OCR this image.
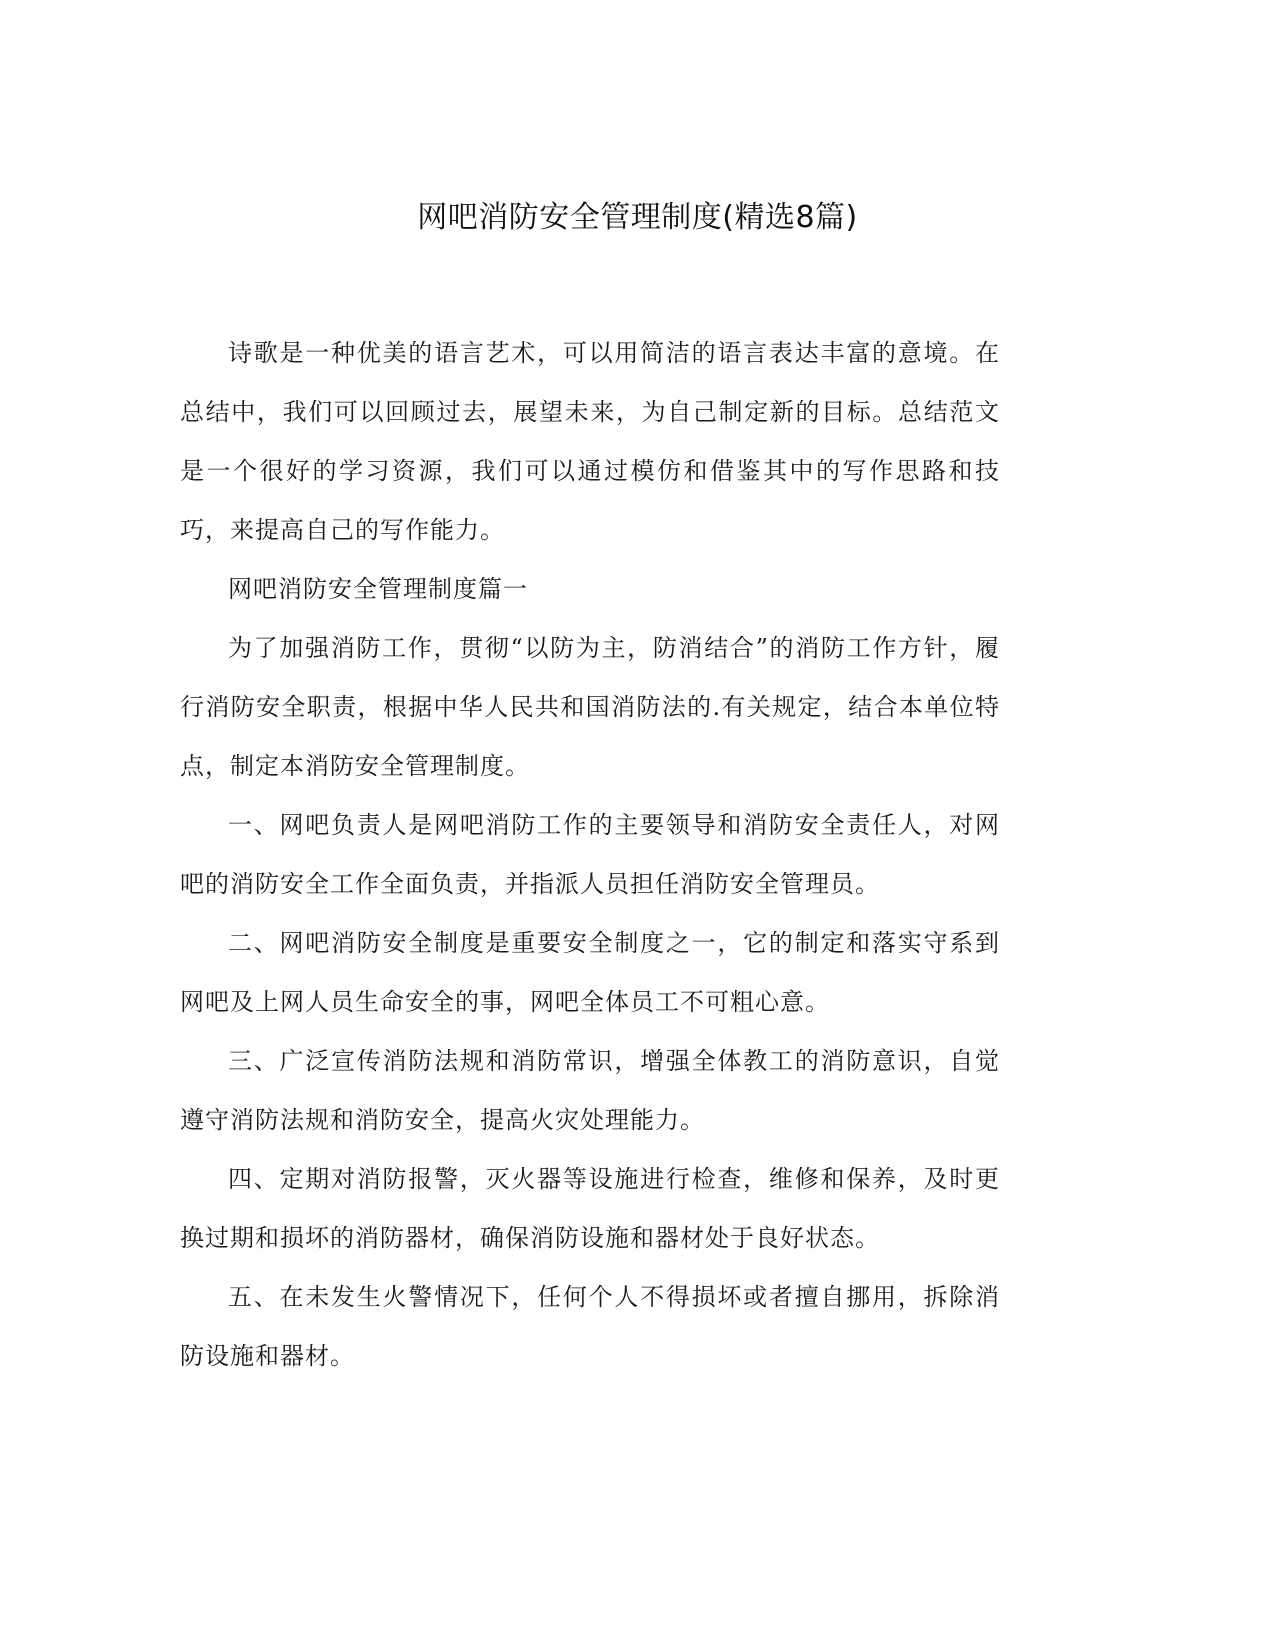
网吧消防安全管理制度(精选8篇)

诗歌是一种优美的语言艺术，可以用简洁的语言表达丰富的意境。在总结中，我们可以回顾过去，展望未来，为自己制定新的目标。总结范文是一个很好的学习资源，我们可以通过模仿和借鉴其中的写作思路和技巧，来提高自己的写作能力。

网吧消防安全管理制度篇一

为了加强消防工作，贯彻“以防为主，防消结合”的消防工作方针，履行消防安全职责，根据中华人民共和国消防法的.有关规定，结合本单位特点，制定本消防安全管理制度。

一、网吧负责人是网吧消防工作的主要领导和消防安全责任人，对网吧的消防安全工作全面负责，并指派人员担任消防安全管理员。

二、网吧消防安全制度是重要安全制度之一，它的制定和落实守系到网吧及上网人员生命安全的事，网吧全体员工不可粗心意。

三、广泛宣传消防法规和消防常识，增强全体教工的消防意识，自觉遵守消防法规和消防安全，提高火灾处理能力。

四、定期对消防报警，灭火器等设施进行检查，维修和保养，及时更换过期和损坏的消防器材，确保消防设施和器材处于良好状态。

五、在未发生火警情况下，任何个人不得损坏或者擅自挪用，拆除消防设施和器材。
